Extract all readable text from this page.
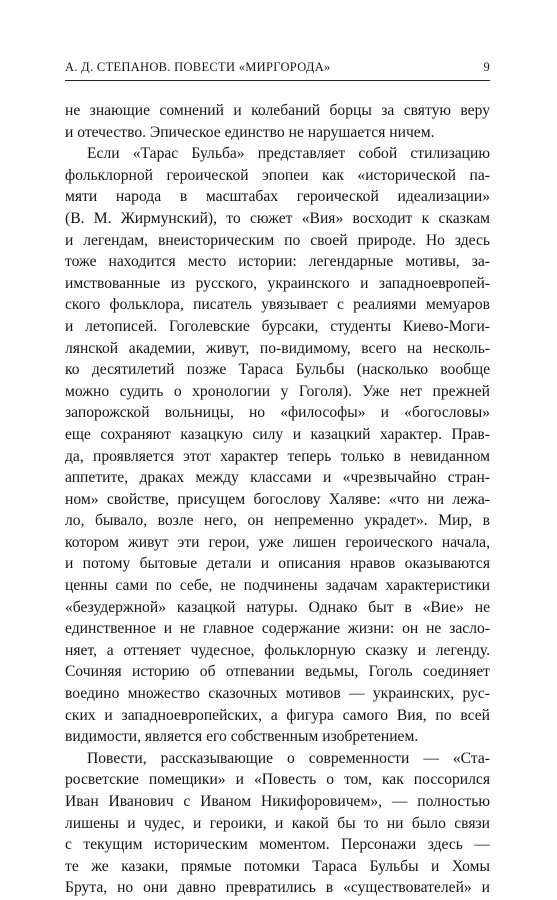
А. Д. СТЕПАНОВ. ПОВЕСТИ «МИРГОРОДА»	9
не знающие сомнений и колебаний борцы за святую веру
и отечество. Эпическое единство не нарушается ничем.
Если «Тарас Бульба» представляет собой стилизацию
фольклорной героической эпопеи как «исторической па-
мяти народа в масштабах героической идеализации»
(В. М. Жирмунский), то сюжет «Вия» восходит к сказкам
и легендам, внеисторическим по своей природе. Но здесь
тоже находится место истории: легендарные мотивы, за-
имствованные из русского, украинского и западноевропей-
ского фольклора, писатель увязывает с реалиями мемуаров
и летописей. Гоголевские бурсаки, студенты Киево-Моги-
лянской академии, живут, по-видимому, всего на несколь-
ко десятилетий позже Тараса Бульбы (насколько вообще
можно судить о хронологии у Гоголя). Уже нет прежней
запорожской вольницы, но «философы» и «богословы»
еще сохраняют казацкую силу и казацкий характер. Прав-
да, проявляется этот характер теперь только в невиданном
аппетите, драках между классами и «чрезвычайно стран-
ном» свойстве, присущем богослову Халяве: «что ни лежа-
ло, бывало, возле него, он непременно украдет». Мир, в
котором живут эти герои, уже лишен героического начала,
и потому бытовые детали и описания нравов оказываются
ценны сами по себе, не подчинены задачам характеристики
«безудержной» казацкой натуры. Однако быт в «Вие» не
единственное и не главное содержание жизни: он не засло-
няет, а оттеняет чудесное, фольклорную сказку и легенду.
Сочиняя историю об отпевании ведьмы, Гоголь соединяет
воедино множество сказочных мотивов — украинских, рус-
ских и западноевропейских, а фигура самого Вия, по всей
видимости, является его собственным изобретением.
Повести, рассказывающие о современности — «Ста-
росветские помещики» и «Повесть о том, как поссорился
Иван Иванович с Иваном Никифоровичем», — полностью
лишены и чудес, и героики, и какой бы то ни было связи
с текущим историческим моментом. Персонажи здесь —
те же казаки, прямые потомки Тараса Бульбы и Хомы
Брута, но они давно превратились в «существователей» и
